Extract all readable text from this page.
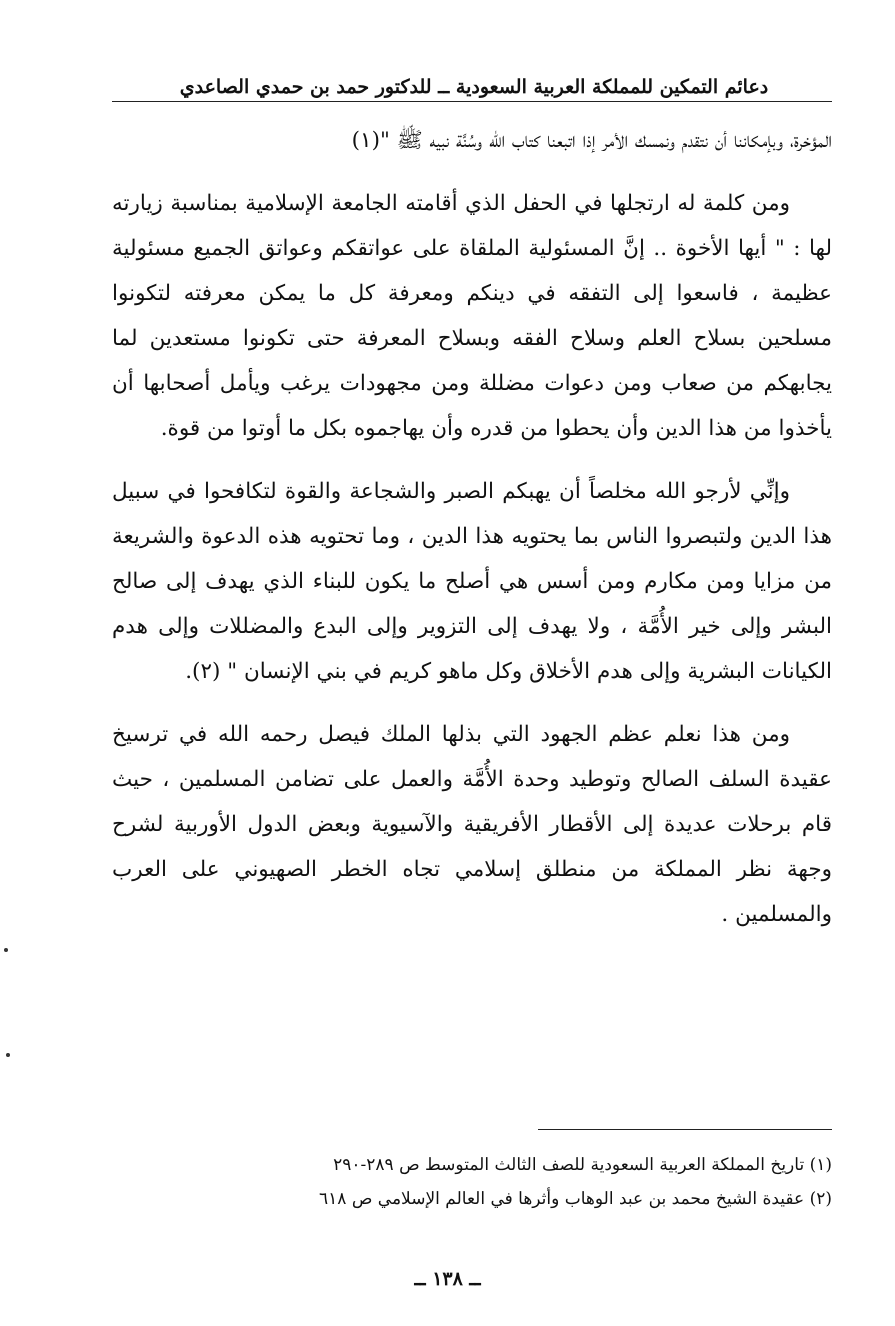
دعائم التمكين للمملكة العربية السعودية ــ للدكتور حمد بن حمدي الصاعدي

المؤخرة، وبإمكاننا أن نتقدم ونمسك الأمر إذا اتبعنا كتاب الله وسُنَّة نبيه ﷺ "(١)

ومن كلمة له ارتجلها في الحفل الذي أقامته الجامعة الإسلامية بمناسبة زيارته لها : " أيها الأخوة .. إنَّ المسئولية الملقاة على عواتقكم وعواتق الجميع مسئولية عظيمة ، فاسعوا إلى التفقه في دينكم ومعرفة كل ما يمكن معرفته لتكونوا مسلحين بسلاح العلم وسلاح الفقه وبسلاح المعرفة حتى تكونوا مستعدين لما يجابهكم من صعاب ومن دعوات مضللة ومن مجهودات يرغب ويأمل أصحابها أن يأخذوا من هذا الدين وأن يحطوا من قدره وأن يهاجموه بكل ما أوتوا من قوة.

وإنِّي لأرجو الله مخلصاً أن يهبكم الصبر والشجاعة والقوة لتكافحوا في سبيل هذا الدين ولتبصروا الناس بما يحتويه هذا الدين ، وما تحتويه هذه الدعوة والشريعة من مزايا ومن مكارم ومن أسس هي أصلح ما يكون للبناء الذي يهدف إلى صالح البشر وإلى خير الأُمَّة ، ولا يهدف إلى التزوير وإلى البدع والمضللات وإلى هدم الكيانات البشرية وإلى هدم الأخلاق وكل ماهو كريم في بني الإنسان " (٢).

ومن هذا نعلم عظم الجهود التي بذلها الملك فيصل رحمه الله في ترسيخ عقيدة السلف الصالح وتوطيد وحدة الأُمَّة والعمل على تضامن المسلمين ، حيث قام برحلات عديدة إلى الأقطار الأفريقية والآسيوية وبعض الدول الأوربية لشرح وجهة نظر المملكة من منطلق إسلامي تجاه الخطر الصهيوني على العرب والمسلمين .

(١) تاريخ المملكة العربية السعودية للصف الثالث المتوسط ص ٢٨٩-٢٩٠

(٢) عقيدة الشيخ محمد بن عبد الوهاب وأثرها في العالم الإسلامي ص ٦١٨

ــ ١٣٨ ــ
